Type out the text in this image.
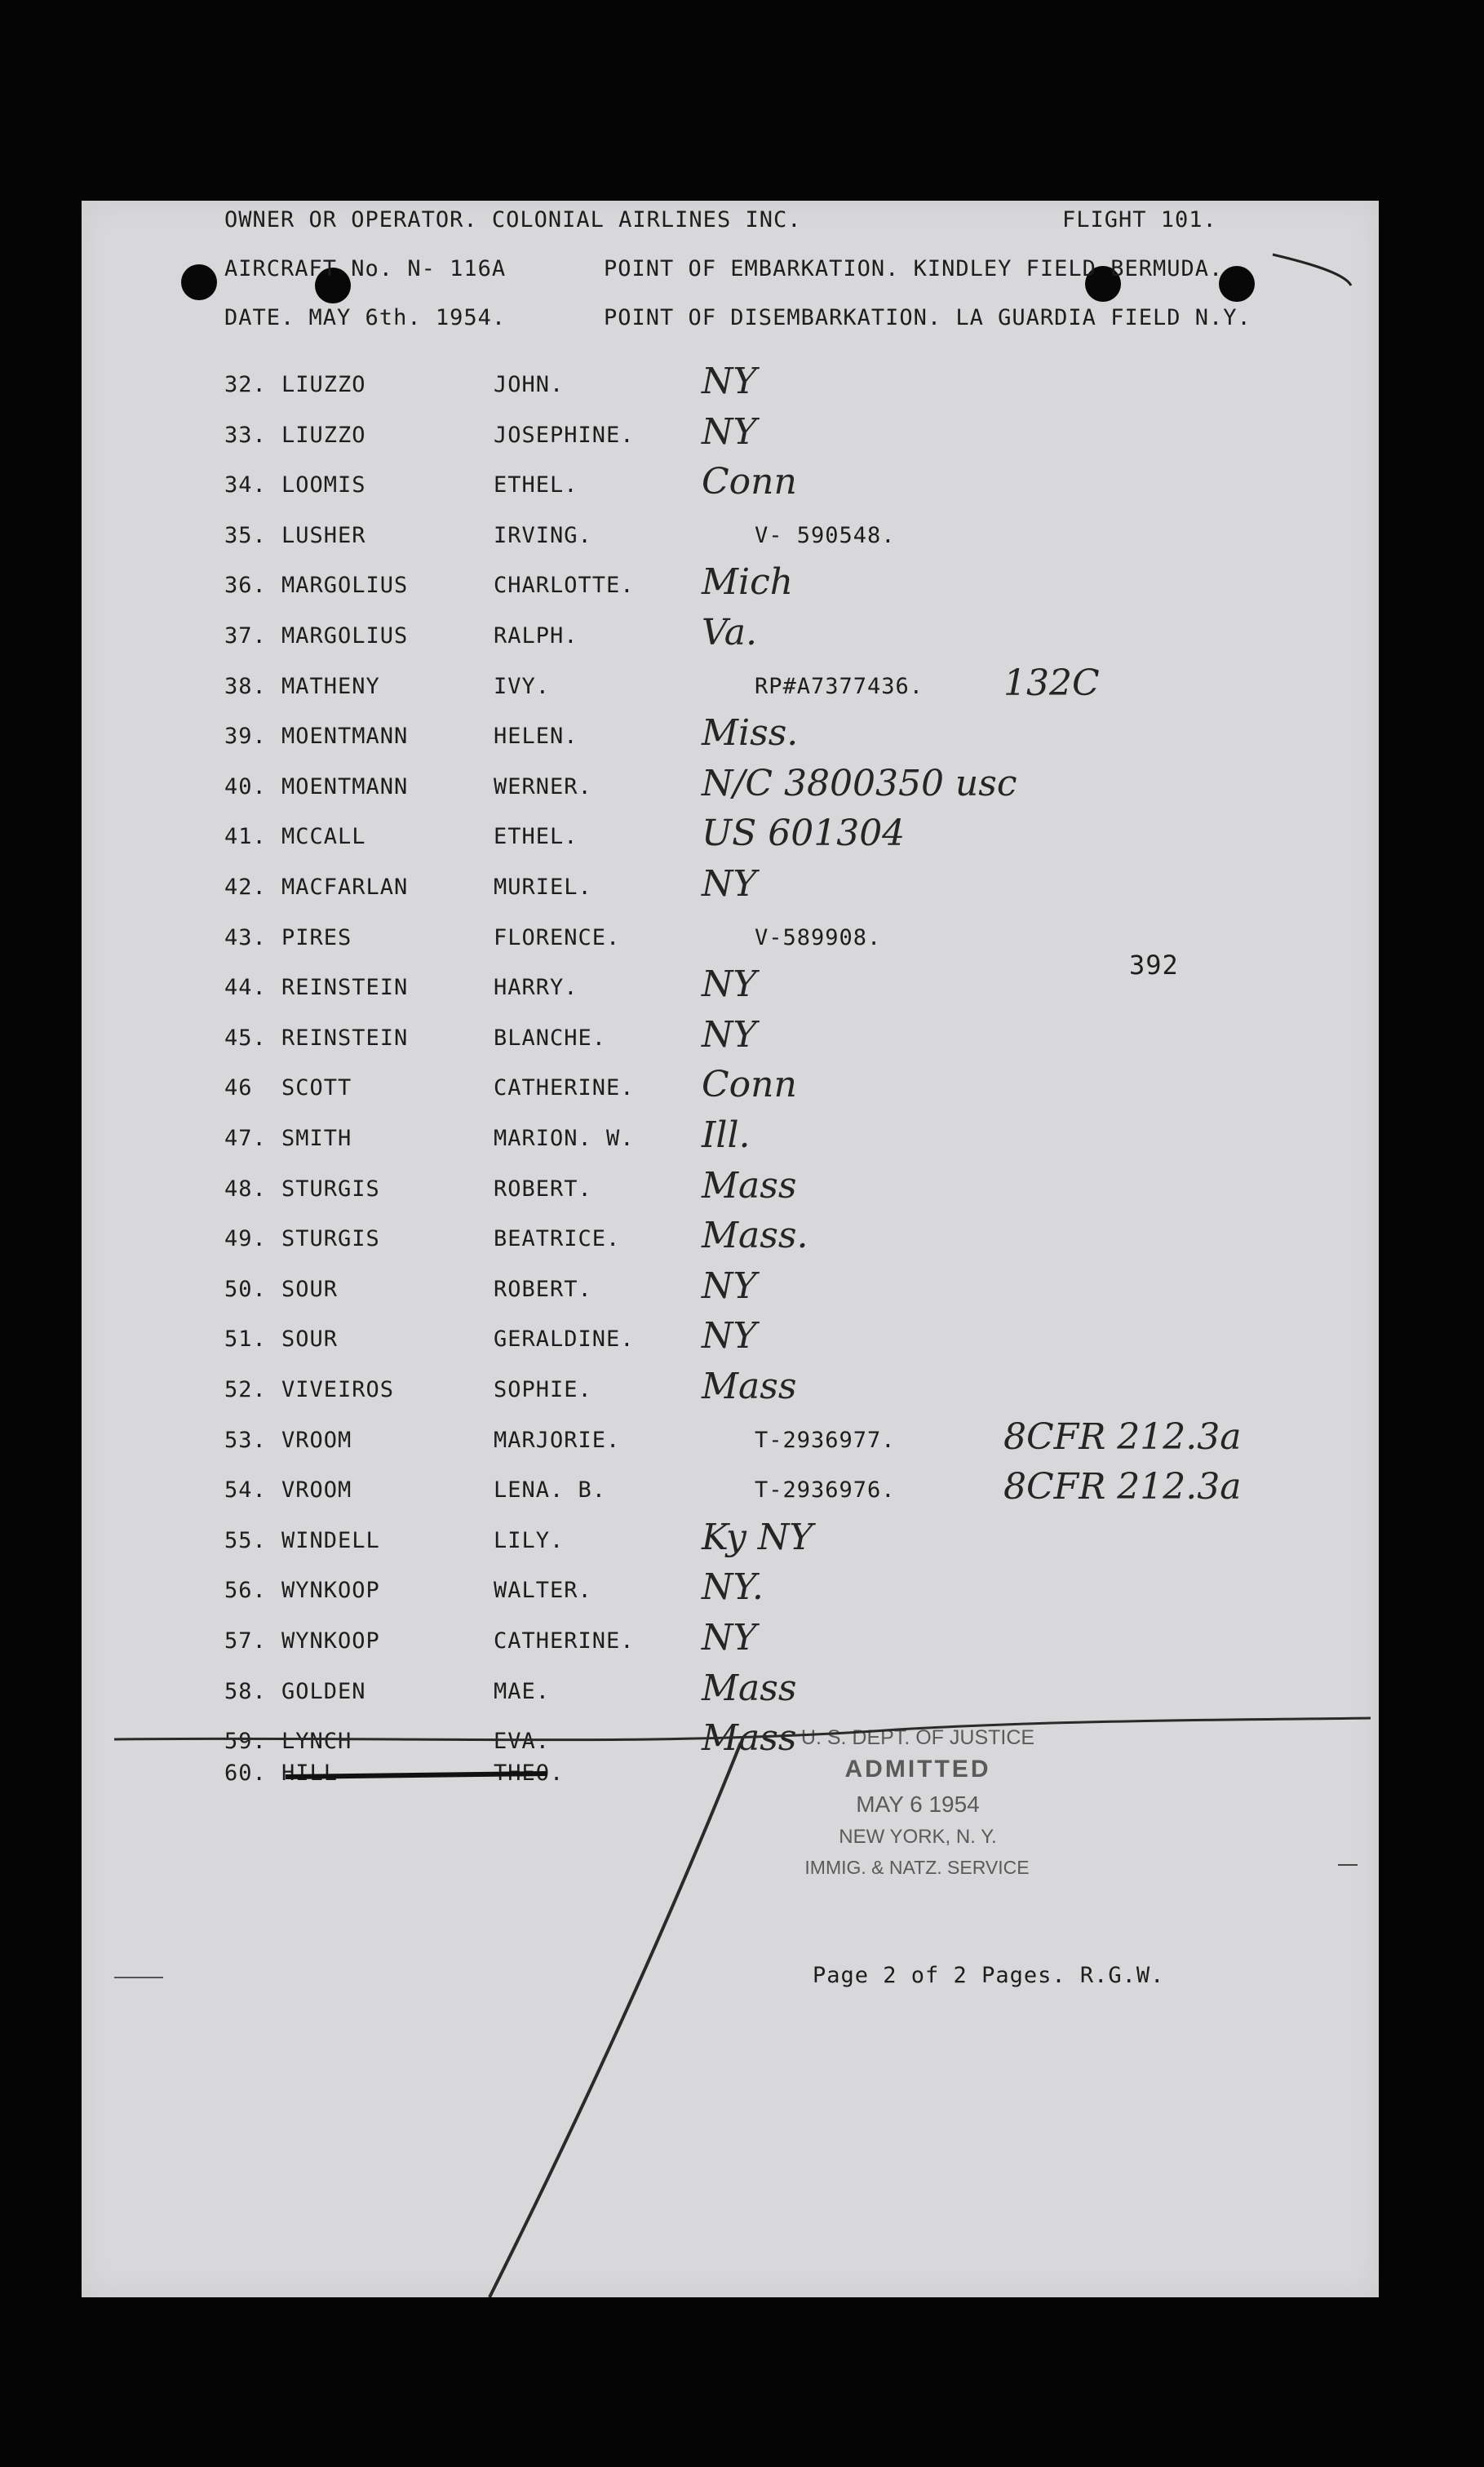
OWNER OR OPERATOR. COLONIAL AIRLINES INC.	FLIGHT 101.
AIRCRAFT No. N- 116A	POINT OF EMBARKATION. KINDLEY FIELD BERMUDA.
DATE. MAY 6th. 1954.	POINT OF DISEMBARKATION. LA GUARDIA FIELD N.Y.
32. LIUZZO	JOHN.	NY
33. LIUZZO	JOSEPHINE. NY
34. LOOMIS	ETHEL.	Conn
35. LUSHER	IRVING.	V- 590548.
36. MARGOLIUS	CHARLOTTE. Mich
37. MARGOLIUS	RALPH.	Va.
38. MATHENY	IVY.	RP#A7377436. 132C
39. MOENTMANN	HELEN.	Miss.
40. MOENTMANN	WERNER.	N/C 3800350 usc
41. MCCALL	ETHEL.	US 601304
42. MACFARLAN	MURIEL.	NY
43. PIRES	FLORENCE.	V-589908.
44. REINSTEIN	HARRY.	NY
45. REINSTEIN	BLANCHE.	NY
46 SCOTT	CATHERINE. Conn
47. SMITH	MARION. W. Ill.
48. STURGIS	ROBERT.	Mass
49. STURGIS	BEATRICE. Mass.
50. SOUR	ROBERT.	NY
51. SOUR	GERALDINE. NY
52. VIVEIROS	SOPHIE.	Mass
53. VROOM	MARJORIE.	T-2936977.	8CFR 212.3a
54. VROOM	LENA. B.	T-2936976.	8CFR 212.3a
55. WINDELL	LILY.	Ky NY
56. WYNKOOP	WALTER.	NY.
57. WYNKOOP	CATHERINE. NY
58. GOLDEN	MAE.	Mass
59. LYNCH	EVA.	Mass
392
60. HILL	THEO.
U. S. DEPT. OF JUSTICE
ADMITTED
MAY 6 1954
NEW YORK, N. Y.
IMMIG. & NATZ. SERVICE
Page 2 of 2 Pages. R.G.W.
